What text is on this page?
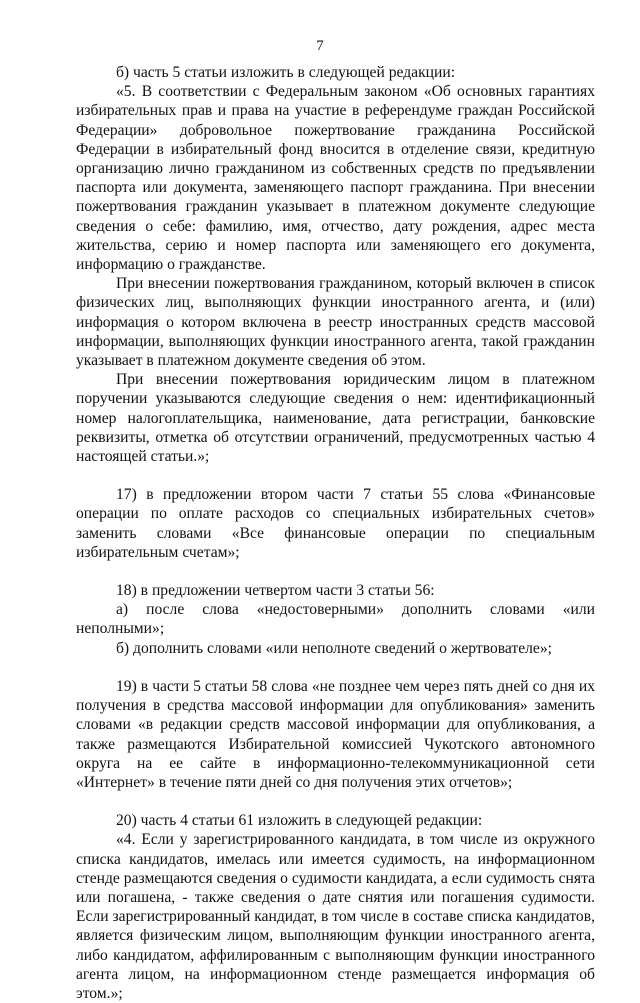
7

б) часть 5 статьи изложить в следующей редакции:

«5. В соответствии с Федеральным законом «Об основных гарантиях избирательных прав и права на участие в референдуме граждан Российской Федерации» добровольное пожертвование гражданина Российской Федерации в избирательный фонд вносится в отделение связи, кредитную организацию лично гражданином из собственных средств по предъявлении паспорта или документа, заменяющего паспорт гражданина. При внесении пожертвования гражданин указывает в платежном документе следующие сведения о себе: фамилию, имя, отчество, дату рождения, адрес места жительства, серию и номер паспорта или заменяющего его документа, информацию о гражданстве.

При внесении пожертвования гражданином, который включен в список физических лиц, выполняющих функции иностранного агента, и (или) информация о котором включена в реестр иностранных средств массовой информации, выполняющих функции иностранного агента, такой гражданин указывает в платежном документе сведения об этом.

При внесении пожертвования юридическим лицом в платежном поручении указываются следующие сведения о нем: идентификационный номер налогоплательщика, наименование, дата регистрации, банковские реквизиты, отметка об отсутствии ограничений, предусмотренных частью 4 настоящей статьи.»;

17) в предложении втором части 7 статьи 55 слова «Финансовые операции по оплате расходов со специальных избирательных счетов» заменить словами «Все финансовые операции по специальным избирательным счетам»;

18) в предложении четвертом части 3 статьи 56:

а) после слова «недостоверными» дополнить словами «или неполными»;

б) дополнить словами «или неполноте сведений о жертвователе»;

19) в части 5 статьи 58 слова «не позднее чем через пять дней со дня их получения в средства массовой информации для опубликования» заменить словами «в редакции средств массовой информации для опубликования, а также размещаются Избирательной комиссией Чукотского автономного округа на ее сайте в информационно-телекоммуникационной сети «Интернет» в течение пяти дней со дня получения этих отчетов»;

20) часть 4 статьи 61 изложить в следующей редакции:

«4. Если у зарегистрированного кандидата, в том числе из окружного списка кандидатов, имелась или имеется судимость, на информационном стенде размещаются сведения о судимости кандидата, а если судимость снята или погашена, - также сведения о дате снятия или погашения судимости. Если зарегистрированный кандидат, в том числе в составе списка кандидатов, является физическим лицом, выполняющим функции иностранного агента, либо кандидатом, аффилированным с выполняющим функции иностранного агента лицом, на информационном стенде размещается информация об этом.»;
